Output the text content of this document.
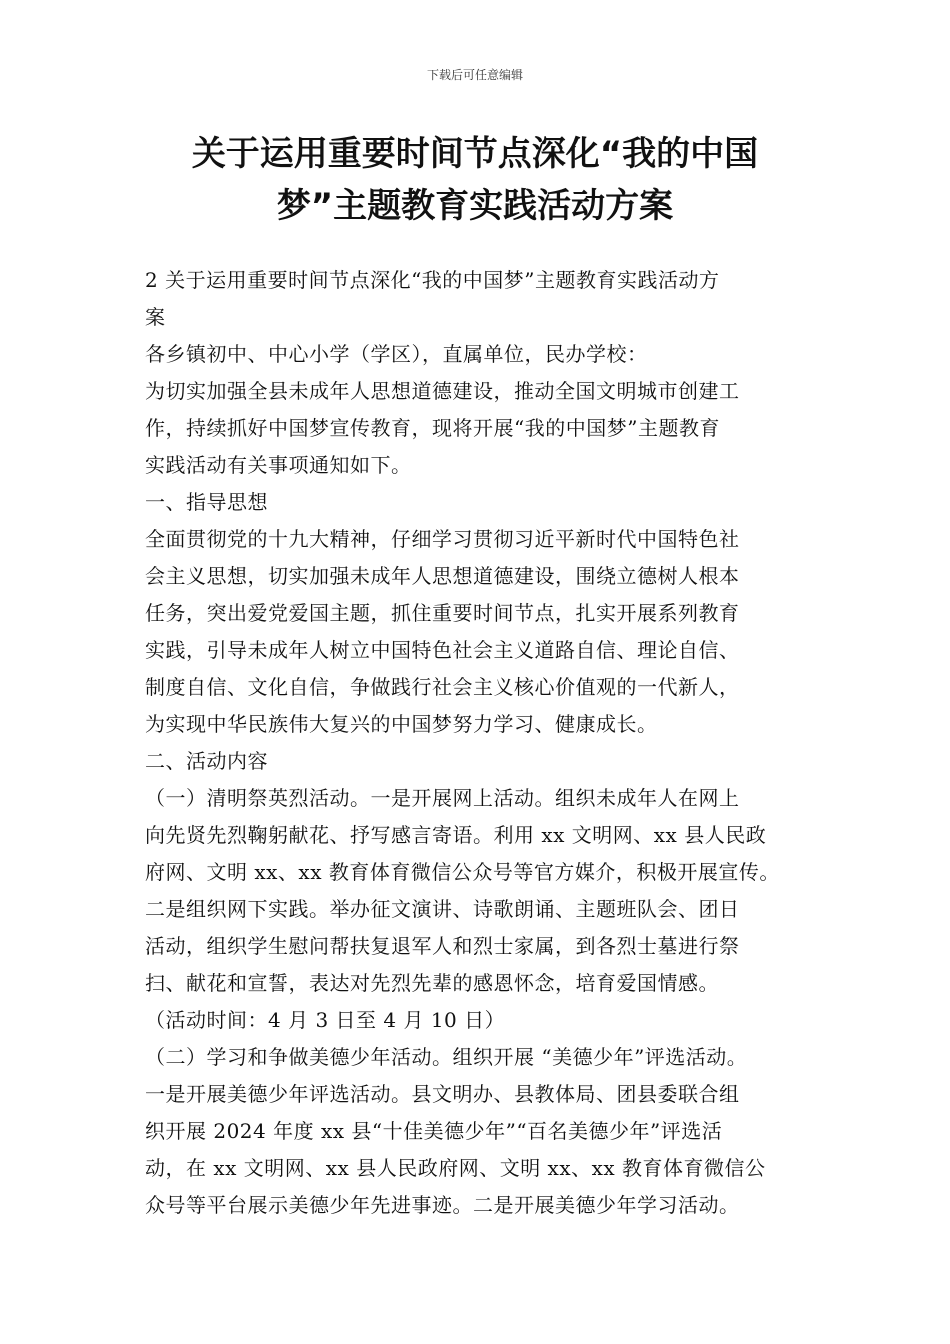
下载后可任意编辑
关于运用重要时间节点深化“我的中国
梦”主题教育实践活动方案

2 关于运用重要时间节点深化“我的中国梦”主题教育实践活动方

案

各乡镇初中、中心小学（学区），直属单位，民办学校：

为切实加强全县未成年人思想道德建设，推动全国文明城市创建工

作，持续抓好中国梦宣传教育，现将开展“我的中国梦”主题教育

实践活动有关事项通知如下。

一、指导思想

全面贯彻党的十九大精神，仔细学习贯彻习近平新时代中国特色社

会主义思想，切实加强未成年人思想道德建设，围绕立德树人根本

任务，突出爱党爱国主题，抓住重要时间节点，扎实开展系列教育

实践，引导未成年人树立中国特色社会主义道路自信、理论自信、

制度自信、文化自信，争做践行社会主义核心价值观的一代新人，

为实现中华民族伟大复兴的中国梦努力学习、健康成长。

二、活动内容

（一）清明祭英烈活动。一是开展网上活动。组织未成年人在网上

向先贤先烈鞠躬献花、抒写感言寄语。利用 xx 文明网、xx 县人民政

府网、文明 xx、xx 教育体育微信公众号等官方媒介，积极开展宣传。

二是组织网下实践。举办征文演讲、诗歌朗诵、主题班队会、团日

活动，组织学生慰问帮扶复退军人和烈士家属，到各烈士墓进行祭

扫、献花和宣誓，表达对先烈先辈的感恩怀念，培育爱国情感。

（活动时间：4 月 3 日至 4 月 10 日）

（二）学习和争做美德少年活动。组织开展 “美德少年”评选活动。

一是开展美德少年评选活动。县文明办、县教体局、团县委联合组

织开展 2024 年度 xx 县“十佳美德少年”“百名美德少年”评选活

动，在 xx 文明网、xx 县人民政府网、文明 xx、xx 教育体育微信公

众号等平台展示美德少年先进事迹。二是开展美德少年学习活动。
